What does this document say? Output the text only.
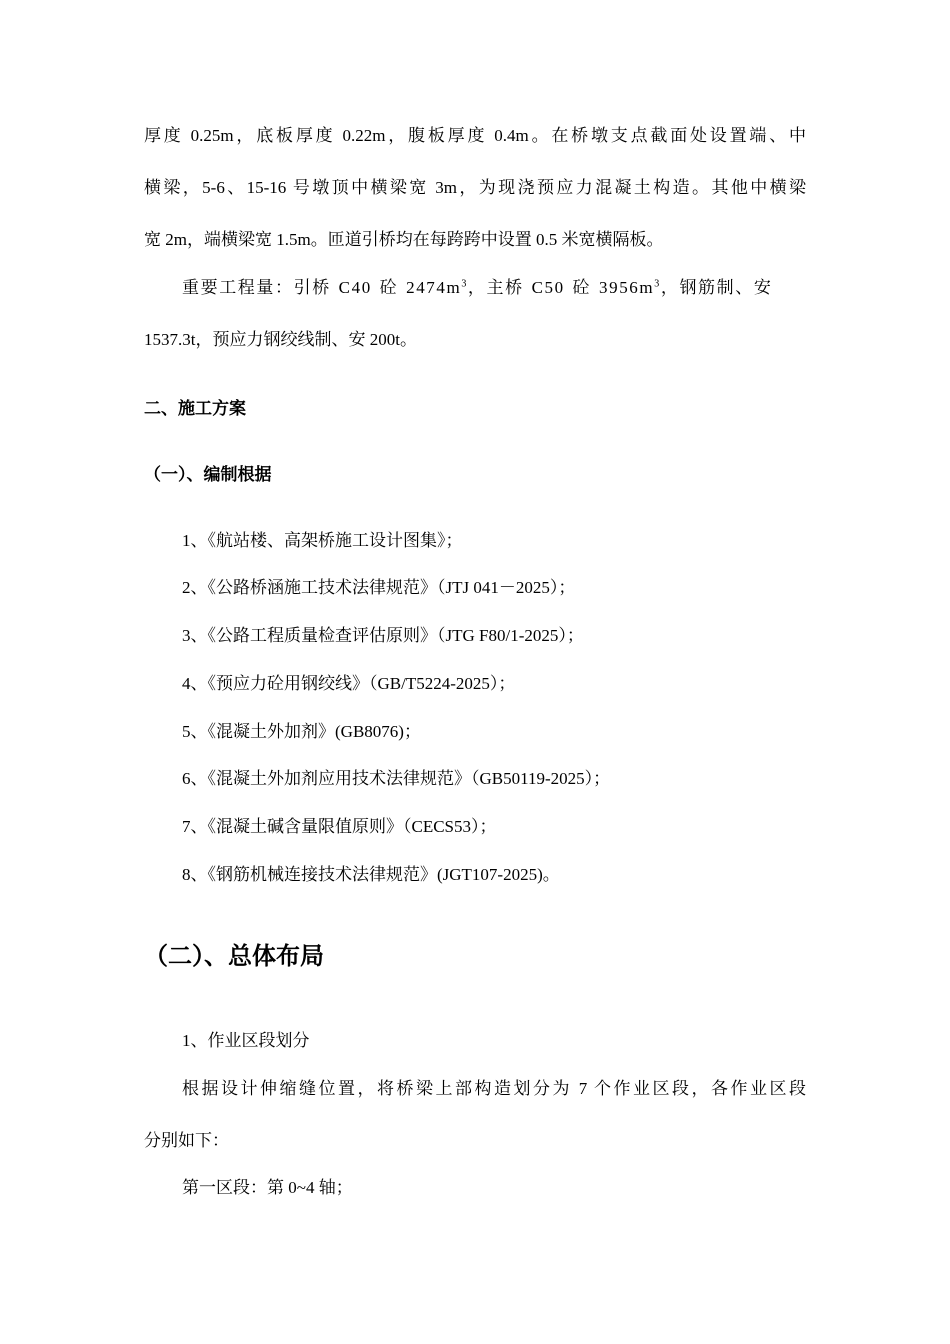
厚度 0.25m，底板厚度 0.22m，腹板厚度 0.4m。在桥墩支点截面处设置端、中
横梁，5-6、15-16 号墩顶中横梁宽 3m，为现浇预应力混凝土构造。其他中横梁
宽 2m，端横梁宽 1.5m。匝道引桥均在每跨跨中设置 0.5 米宽横隔板。
重要工程量：引桥 C40 砼 $2474m^3$，主桥 C50 砼 $3956m^3$，钢筋制、安
1537.3t，预应力钢绞线制、安 200t。
二、施工方案
（一）、编制根据
1、《航站楼、高架桥施工设计图集》；
2、《公路桥涵施工技术法律规范》（JTJ 041－2025）；
3、《公路工程质量检查评估原则》（JTG F80/1-2025）；
4、《预应力砼用钢绞线》（GB/T5224-2025）；
5、《混凝土外加剂》(GB8076)；
6、《混凝土外加剂应用技术法律规范》（GB50119-2025）；
7、《混凝土碱含量限值原则》（CECS53）；
8、《钢筋机械连接技术法律规范》(JGT107-2025)。
（二）、总体布局
1、作业区段划分
根据设计伸缩缝位置，将桥梁上部构造划分为 7 个作业区段，各作业区段
分别如下：
第一区段：第 0~4 轴；
